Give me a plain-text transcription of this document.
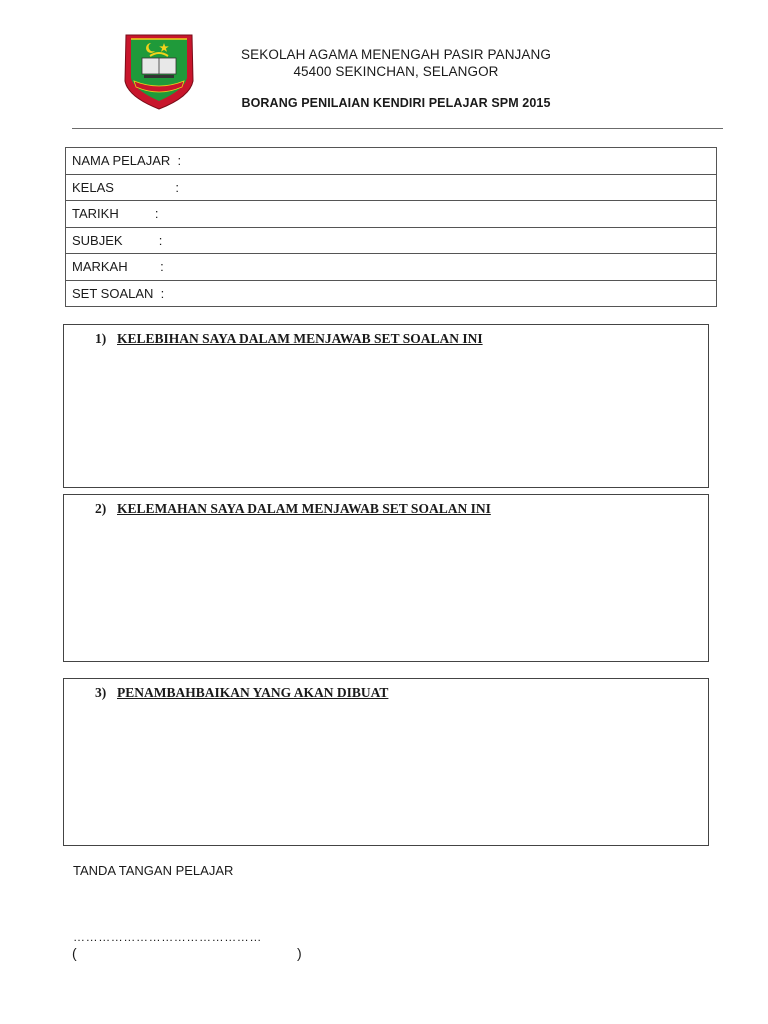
SEKOLAH AGAMA MENENGAH PASIR PANJANG
45400 SEKINCHAN, SELANGOR
BORANG PENILAIAN KENDIRI PELAJAR SPM 2015
NAMA PELAJAR  :
KELAS                 :
TARIKH          :
SUBJEK          :
MARKAH         :
SET SOALAN  :
1) KELEBIHAN SAYA DALAM MENJAWAB SET SOALAN INI
2) KELEMAHAN SAYA DALAM MENJAWAB SET SOALAN INI
3) PENAMBAHBAIKAN YANG AKAN DIBUAT
TANDA TANGAN PELAJAR
………………………………………
(	)
